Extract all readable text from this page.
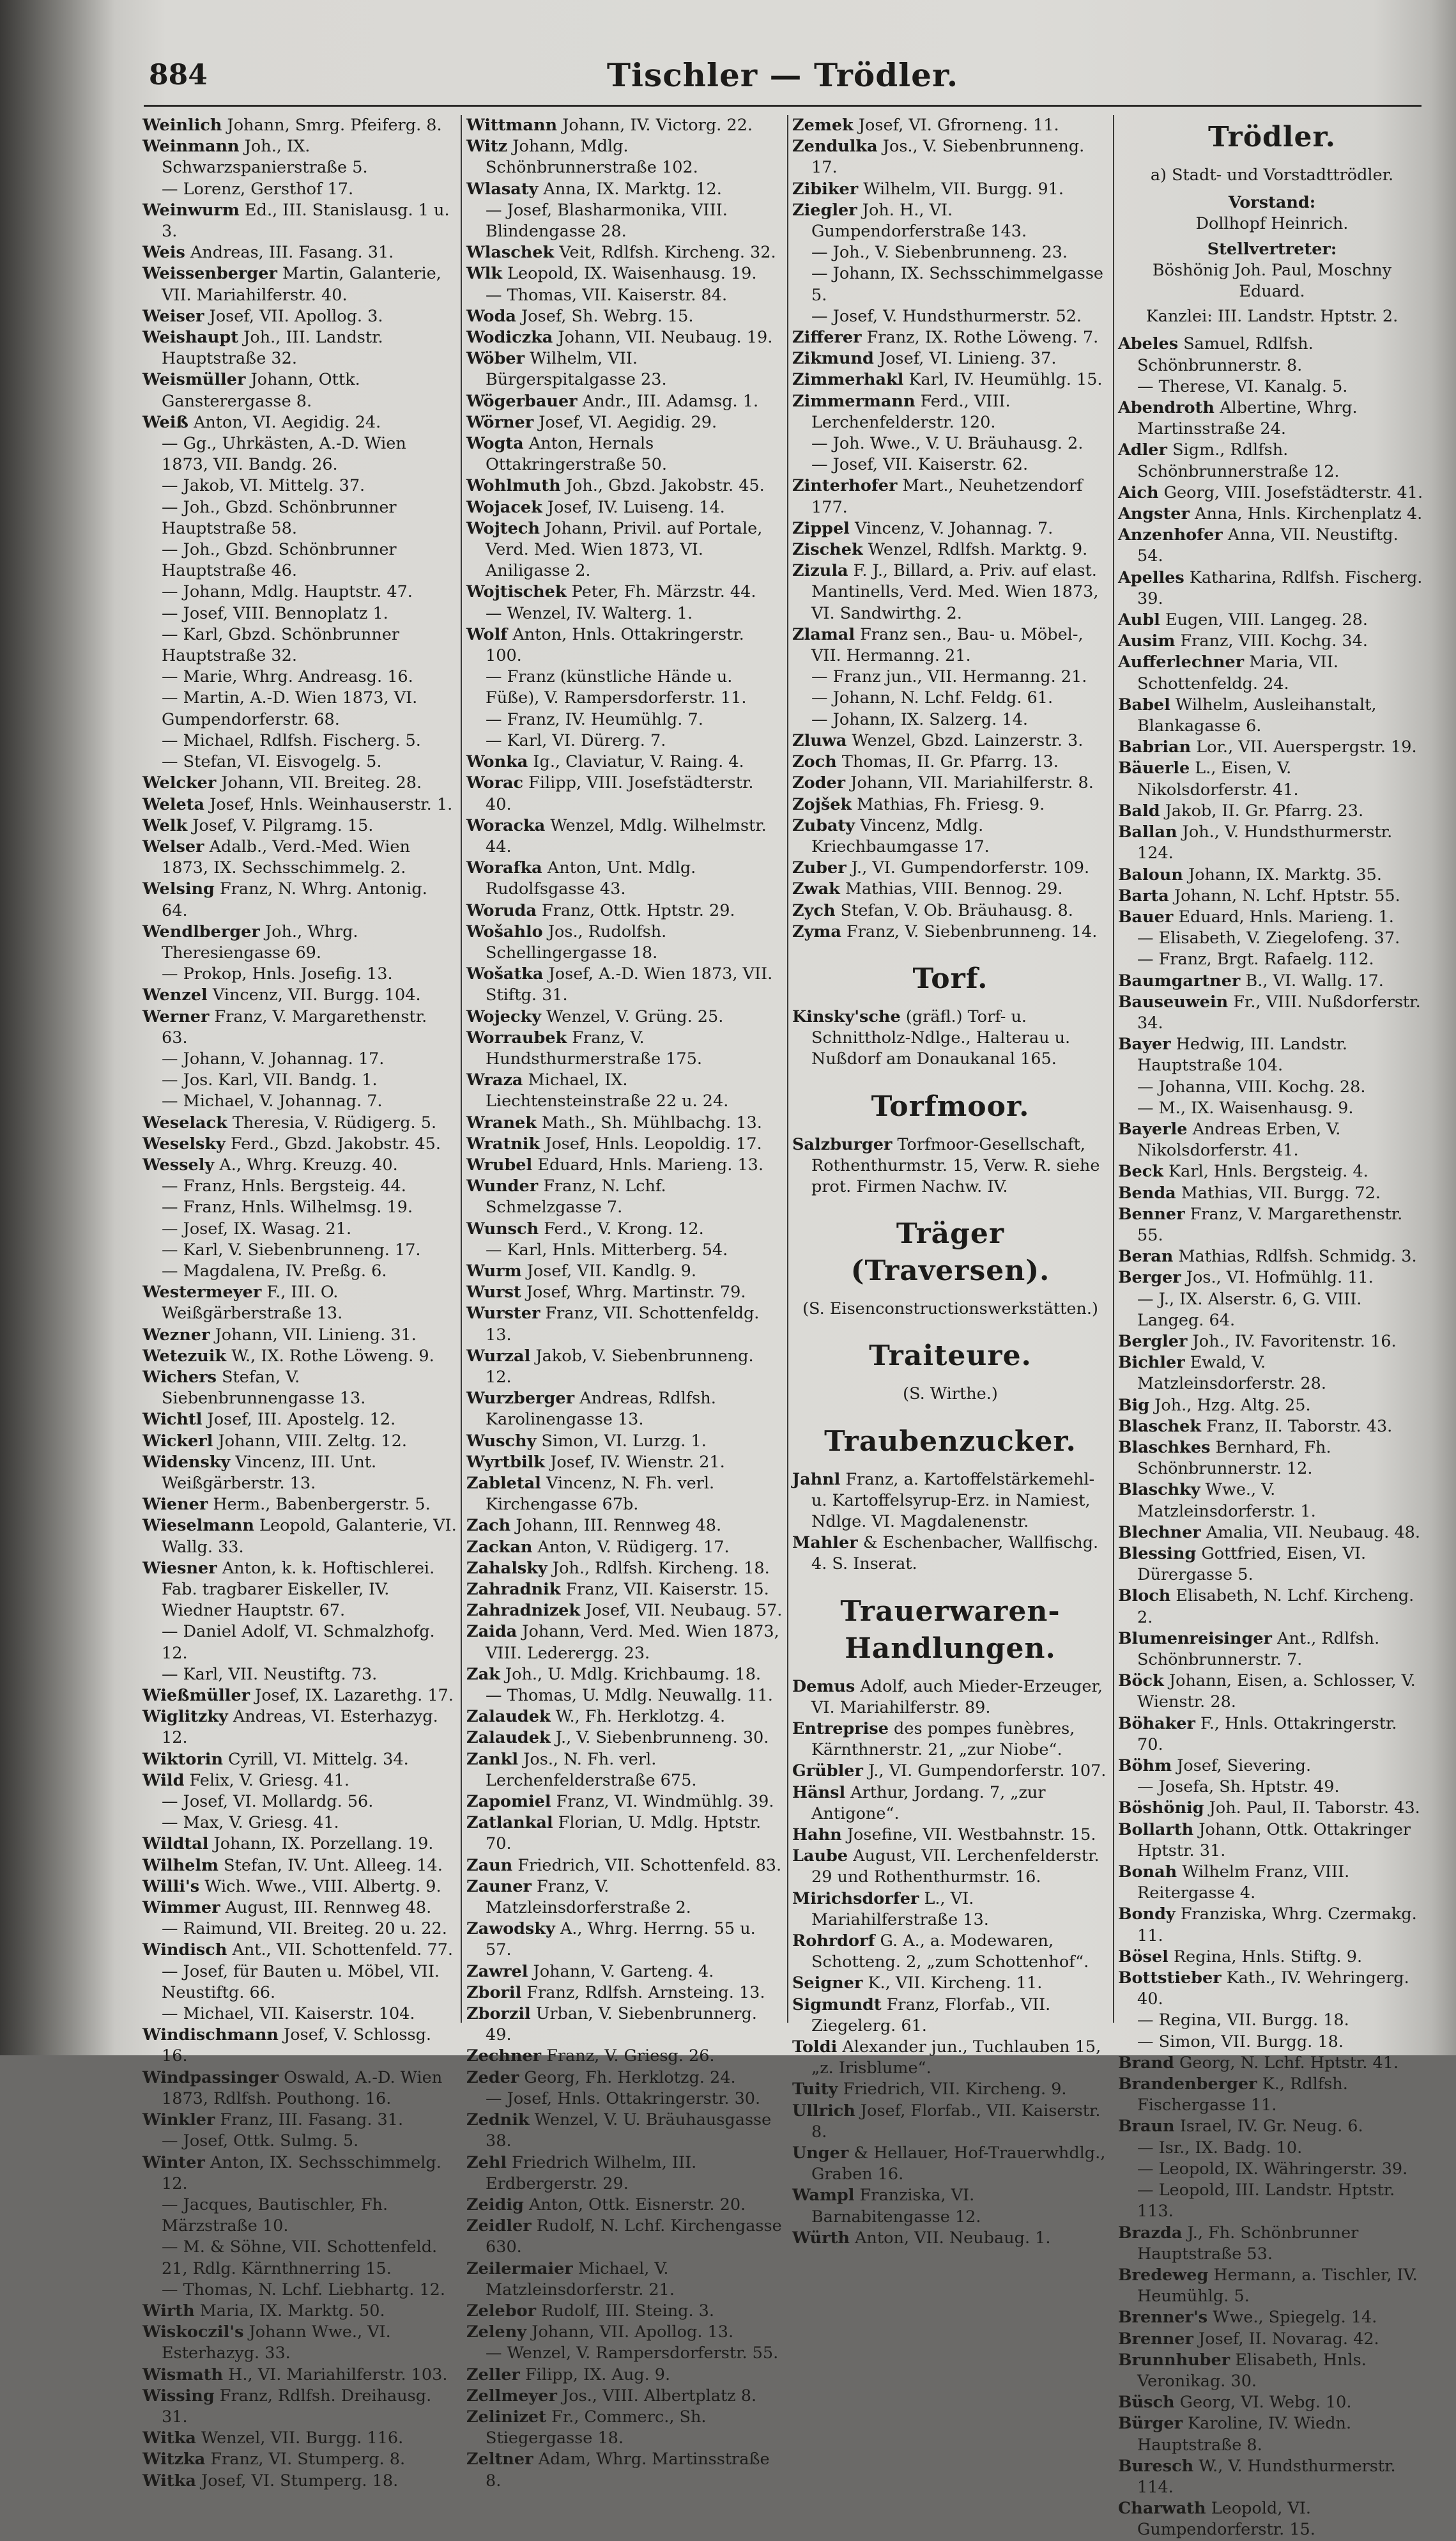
884	Tischler — Trödler.

Weinlich Johann, Smrg. Pfeiferg. 8.

Weinmann Joh., IX. Schwarzspanierstraße 5.

— Lorenz, Gersthof 17.

Weinwurm Ed., III. Stanislausg. 1 u. 3.

Weis Andreas, III. Fasang. 31.

Weissenberger Martin, Galanterie, VII. Mariahilferstr. 40.

Weiser Josef, VII. Apollog. 3.

Weishaupt Joh., III. Landstr. Hauptstraße 32.

Weismüller Johann, Ottk. Gansterergasse 8.

Weiß Anton, VI. Aegidig. 24.

— Gg., Uhrkästen, A.-D. Wien 1873, VII. Bandg. 26.

— Jakob, VI. Mittelg. 37.

— Joh., Gbzd. Schönbrunner Hauptstraße 58.

— Joh., Gbzd. Schönbrunner Hauptstraße 46.

— Johann, Mdlg. Hauptstr. 47.

— Josef, VIII. Bennoplatz 1.

— Karl, Gbzd. Schönbrunner Hauptstraße 32.

— Marie, Whrg. Andreasg. 16.

— Martin, A.-D. Wien 1873, VI. Gumpendorferstr. 68.

— Michael, Rdlfsh. Fischerg. 5.

— Stefan, VI. Eisvogelg. 5.

Welcker Johann, VII. Breiteg. 28.

Weleta Josef, Hnls. Weinhauserstr. 1.

Welk Josef, V. Pilgramg. 15.

Welser Adalb., Verd.-Med. Wien 1873, IX. Sechsschimmelg. 2.

Welsing Franz, N. Whrg. Antonig. 64.

Wendlberger Joh., Whrg. Theresiengasse 69.

— Prokop, Hnls. Josefig. 13.

Wenzel Vincenz, VII. Burgg. 104.

Werner Franz, V. Margarethenstr. 63.

— Johann, V. Johannag. 17.

— Jos. Karl, VII. Bandg. 1.

— Michael, V. Johannag. 7.

Weselack Theresia, V. Rüdigerg. 5.

Weselsky Ferd., Gbzd. Jakobstr. 45.

Wessely A., Whrg. Kreuzg. 40.

— Franz, Hnls. Bergsteig. 44.

— Franz, Hnls. Wilhelmsg. 19.

— Josef, IX. Wasag. 21.

— Karl, V. Siebenbrunneng. 17.

— Magdalena, IV. Preßg. 6.

Westermeyer F., III. O. Weißgärberstraße 13.

Wezner Johann, VII. Linieng. 31.

Wetezuik W., IX. Rothe Löweng. 9.

Wichers Stefan, V. Siebenbrunnengasse 13.

Wichtl Josef, III. Apostelg. 12.

Wickerl Johann, VIII. Zeltg. 12.

Widensky Vincenz, III. Unt. Weißgärberstr. 13.

Wiener Herm., Babenbergerstr. 5.

Wieselmann Leopold, Galanterie, VI. Wallg. 33.

Wiesner Anton, k. k. Hoftischlerei. Fab. tragbarer Eiskeller, IV. Wiedner Hauptstr. 67.

— Daniel Adolf, VI. Schmalzhofg. 12.

— Karl, VII. Neustiftg. 73.

Wießmüller Josef, IX. Lazarethg. 17.

Wiglitzky Andreas, VI. Esterhazyg. 12.

Wiktorin Cyrill, VI. Mittelg. 34.

Wild Felix, V. Griesg. 41.

— Josef, VI. Mollardg. 56.

— Max, V. Griesg. 41.

Wildtal Johann, IX. Porzellang. 19.

Wilhelm Stefan, IV. Unt. Alleeg. 14.

Willi's Wich. Wwe., VIII. Albertg. 9.

Wimmer August, III. Rennweg 48.

— Raimund, VII. Breiteg. 20 u. 22.

Windisch Ant., VII. Schottenfeld. 77.

— Josef, für Bauten u. Möbel, VII. Neustiftg. 66.

— Michael, VII. Kaiserstr. 104.

Windischmann Josef, V. Schlossg. 16.

Windpassinger Oswald, A.-D. Wien 1873, Rdlfsh. Pouthong. 16.

Winkler Franz, III. Fasang. 31.

— Josef, Ottk. Sulmg. 5.

Winter Anton, IX. Sechsschimmelg. 12.

— Jacques, Bautischler, Fh. Märzstraße 10.

— M. & Söhne, VII. Schottenfeld. 21, Rdlg. Kärnthnerring 15.

— Thomas, N. Lchf. Liebhartg. 12.

Wirth Maria, IX. Marktg. 50.

Wiskoczil's Johann Wwe., VI. Esterhazyg. 33.

Wismath H., VI. Mariahilferstr. 103.

Wissing Franz, Rdlfsh. Dreihausg. 31.

Witka Wenzel, VII. Burgg. 116.

Witzka Franz, VI. Stumperg. 8.

Witka Josef, VI. Stumperg. 18.

Wittmann Johann, IV. Victorg. 22.

Witz Johann, Mdlg. Schönbrunnerstraße 102.

Wlasaty Anna, IX. Marktg. 12.

— Josef, Blasharmonika, VIII. Blindengasse 28.

Wlaschek Veit, Rdlfsh. Kircheng. 32.

Wlk Leopold, IX. Waisenhausg. 19.

— Thomas, VII. Kaiserstr. 84.

Woda Josef, Sh. Webrg. 15.

Wodiczka Johann, VII. Neubaug. 19.

Wöber Wilhelm, VII. Bürgerspitalgasse 23.

Wögerbauer Andr., III. Adamsg. 1.

Wörner Josef, VI. Aegidig. 29.

Wogta Anton, Hernals Ottakringerstraße 50.

Wohlmuth Joh., Gbzd. Jakobstr. 45.

Wojacek Josef, IV. Luiseng. 14.

Wojtech Johann, Privil. auf Portale, Verd. Med. Wien 1873, VI. Aniligasse 2.

Wojtischek Peter, Fh. Märzstr. 44.

— Wenzel, IV. Walterg. 1.

Wolf Anton, Hnls. Ottakringerstr. 100.

— Franz (künstliche Hände u. Füße), V. Rampersdorferstr. 11.

— Franz, IV. Heumühlg. 7.

— Karl, VI. Dürerg. 7.

Wonka Ig., Claviatur, V. Raing. 4.

Worac Filipp, VIII. Josefstädterstr. 40.

Woracka Wenzel, Mdlg. Wilhelmstr. 44.

Worafka Anton, Unt. Mdlg. Rudolfsgasse 43.

Woruda Franz, Ottk. Hptstr. 29.

Wošahlo Jos., Rudolfsh. Schellingergasse 18.

Wošatka Josef, A.-D. Wien 1873, VII. Stiftg. 31.

Wojecky Wenzel, V. Grüng. 25.

Worraubek Franz, V. Hundsthurmerstraße 175.

Wraza Michael, IX. Liechtensteinstraße 22 u. 24.

Wranek Math., Sh. Mühlbachg. 13.

Wratnik Josef, Hnls. Leopoldig. 17.

Wrubel Eduard, Hnls. Marieng. 13.

Wunder Franz, N. Lchf. Schmelzgasse 7.

Wunsch Ferd., V. Krong. 12.

— Karl, Hnls. Mitterberg. 54.

Wurm Josef, VII. Kandlg. 9.

Wurst Josef, Whrg. Martinstr. 79.

Wurster Franz, VII. Schottenfeldg. 13.

Wurzal Jakob, V. Siebenbrunneng. 12.

Wurzberger Andreas, Rdlfsh. Karolinengasse 13.

Wuschy Simon, VI. Lurzg. 1.

Wyrtbilk Josef, IV. Wienstr. 21.

Zabletal Vincenz, N. Fh. verl. Kirchengasse 67b.

Zach Johann, III. Rennweg 48.

Zackan Anton, V. Rüdigerg. 17.

Zahalsky Joh., Rdlfsh. Kircheng. 18.

Zahradnik Franz, VII. Kaiserstr. 15.

Zahradnizek Josef, VII. Neubaug. 57.

Zaida Johann, Verd. Med. Wien 1873, VIII. Lederergg. 23.

Zak Joh., U. Mdlg. Krichbaumg. 18.

— Thomas, U. Mdlg. Neuwallg. 11.

Zalaudek W., Fh. Herklotzg. 4.

Zalaudek J., V. Siebenbrunneng. 30.

Zankl Jos., N. Fh. verl. Lerchenfelderstraße 675.

Zapomiel Franz, VI. Windmühlg. 39.

Zatlankal Florian, U. Mdlg. Hptstr. 70.

Zaun Friedrich, VII. Schottenfeld. 83.

Zauner Franz, V. Matzleinsdorferstraße 2.

Zawodsky A., Whrg. Herrng. 55 u. 57.

Zawrel Johann, V. Garteng. 4.

Zboril Franz, Rdlfsh. Arnsteing. 13.

Zborzil Urban, V. Siebenbrunnerg. 49.

Zechner Franz, V. Griesg. 26.

Zeder Georg, Fh. Herklotzg. 24.

— Josef, Hnls. Ottakringerstr. 30.

Zednik Wenzel, V. U. Bräuhausgasse 38.

Zehl Friedrich Wilhelm, III. Erdbergerstr. 29.

Zeidig Anton, Ottk. Eisnerstr. 20.

Zeidler Rudolf, N. Lchf. Kirchengasse 630.

Zeilermaier Michael, V. Matzleinsdorferstr. 21.

Zelebor Rudolf, III. Steing. 3.

Zeleny Johann, VII. Apollog. 13.

— Wenzel, V. Rampersdorferstr. 55.

Zeller Filipp, IX. Aug. 9.

Zellmeyer Jos., VIII. Albertplatz 8.

Zelinizet Fr., Commerc., Sh. Stiegergasse 18.

Zeltner Adam, Whrg. Martinsstraße 8.

Zemek Josef, VI. Gfrorneng. 11.

Zendulka Jos., V. Siebenbrunneng. 17.

Zibiker Wilhelm, VII. Burgg. 91.

Ziegler Joh. H., VI. Gumpendorferstraße 143.

— Joh., V. Siebenbrunneng. 23.

— Johann, IX. Sechsschimmelgasse 5.

— Josef, V. Hundsthurmerstr. 52.

Zifferer Franz, IX. Rothe Löweng. 7.

Zikmund Josef, VI. Linieng. 37.

Zimmerhakl Karl, IV. Heumühlg. 15.

Zimmermann Ferd., VIII. Lerchenfelderstr. 120.

— Joh. Wwe., V. U. Bräuhausg. 2.

— Josef, VII. Kaiserstr. 62.

Zinterhofer Mart., Neuhetzendorf 177.

Zippel Vincenz, V. Johannag. 7.

Zischek Wenzel, Rdlfsh. Marktg. 9.

Zizula F. J., Billard, a. Priv. auf elast. Mantinells, Verd. Med. Wien 1873, VI. Sandwirthg. 2.

Zlamal Franz sen., Bau- u. Möbel-, VII. Hermanng. 21.

— Franz jun., VII. Hermanng. 21.

— Johann, N. Lchf. Feldg. 61.

— Johann, IX. Salzerg. 14.

Zluwa Wenzel, Gbzd. Lainzerstr. 3.

Zoch Thomas, II. Gr. Pfarrg. 13.

Zoder Johann, VII. Mariahilferstr. 8.

Zojšek Mathias, Fh. Friesg. 9.

Zubaty Vincenz, Mdlg. Kriechbaumgasse 17.

Zuber J., VI. Gumpendorferstr. 109.

Zwak Mathias, VIII. Bennog. 29.

Zych Stefan, V. Ob. Bräuhausg. 8.

Zyma Franz, V. Siebenbrunneng. 14.

Torf.

Kinsky'sche (gräfl.) Torf- u. Schnittholz-Ndlge., Halterau u. Nußdorf am Donaukanal 165.

Torfmoor.

Salzburger Torfmoor-Gesellschaft, Rothenthurmstr. 15, Verw. R. siehe prot. Firmen Nachw. IV.

Träger (Traversen).
(S. Eisenconstructionswerkstätten.)
Traiteure.
(S. Wirthe.)
Traubenzucker.

Jahnl Franz, a. Kartoffelstärkemehl- u. Kartoffelsyrup-Erz. in Namiest, Ndlge. VI. Magdalenenstr.

Mahler & Eschenbacher, Wallfischg. 4. S. Inserat.

Trauerwaren-Handlungen.

Demus Adolf, auch Mieder-Erzeuger, VI. Mariahilferstr. 89.

Entreprise des pompes funèbres, Kärnthnerstr. 21, „zur Niobe“.

Grübler J., VI. Gumpendorferstr. 107.

Hänsl Arthur, Jordang. 7, „zur Antigone“.

Hahn Josefine, VII. Westbahnstr. 15.

Laube August, VII. Lerchenfelderstr. 29 und Rothenthurmstr. 16.

Mirichsdorfer L., VI. Mariahilferstraße 13.

Rohrdorf G. A., a. Modewaren, Schotteng. 2, „zum Schottenhof“.

Seigner K., VII. Kircheng. 11.

Sigmundt Franz, Florfab., VII. Ziegelerg. 61.

Toldi Alexander jun., Tuchlauben 15, „z. Irisblume“.

Tuity Friedrich, VII. Kircheng. 9.

Ullrich Josef, Florfab., VII. Kaiserstr. 8.

Unger & Hellauer, Hof-Trauerwhdlg., Graben 16.

Wampl Franziska, VI. Barnabitengasse 12.

Würth Anton, VII. Neubaug. 1.

Trödler.
a) Stadt- und Vorstadttrödler.
Vorstand:
Dollhopf Heinrich.
Stellvertreter:
Böshönig Joh. Paul, Moschny Eduard.
Kanzlei: III. Landstr. Hptstr. 2.

Abeles Samuel, Rdlfsh. Schönbrunnerstr. 8.

— Therese, VI. Kanalg. 5.

Abendroth Albertine, Whrg. Martinsstraße 24.

Adler Sigm., Rdlfsh. Schönbrunnerstraße 12.

Aich Georg, VIII. Josefstädterstr. 41.

Angster Anna, Hnls. Kirchenplatz 4.

Anzenhofer Anna, VII. Neustiftg. 54.

Apelles Katharina, Rdlfsh. Fischerg. 39.

Aubl Eugen, VIII. Langeg. 28.

Ausim Franz, VIII. Kochg. 34.

Aufferlechner Maria, VII. Schottenfeldg. 24.

Babel Wilhelm, Ausleihanstalt, Blankagasse 6.

Babrian Lor., VII. Auerspergstr. 19.

Bäuerle L., Eisen, V. Nikolsdorferstr. 41.

Bald Jakob, II. Gr. Pfarrg. 23.

Ballan Joh., V. Hundsthurmerstr. 124.

Baloun Johann, IX. Marktg. 35.

Barta Johann, N. Lchf. Hptstr. 55.

Bauer Eduard, Hnls. Marieng. 1.

— Elisabeth, V. Ziegelofeng. 37.

— Franz, Brgt. Rafaelg. 112.

Baumgartner B., VI. Wallg. 17.

Bauseuwein Fr., VIII. Nußdorferstr. 34.

Bayer Hedwig, III. Landstr. Hauptstraße 104.

— Johanna, VIII. Kochg. 28.

— M., IX. Waisenhausg. 9.

Bayerle Andreas Erben, V. Nikolsdorferstr. 41.

Beck Karl, Hnls. Bergsteig. 4.

Benda Mathias, VII. Burgg. 72.

Benner Franz, V. Margarethenstr. 55.

Beran Mathias, Rdlfsh. Schmidg. 3.

Berger Jos., VI. Hofmühlg. 11.

— J., IX. Alserstr. 6, G. VIII. Langeg. 64.

Bergler Joh., IV. Favoritenstr. 16.

Bichler Ewald, V. Matzleinsdorferstr. 28.

Big Joh., Hzg. Altg. 25.

Blaschek Franz, II. Taborstr. 43.

Blaschkes Bernhard, Fh. Schönbrunnerstr. 12.

Blaschky Wwe., V. Matzleinsdorferstr. 1.

Blechner Amalia, VII. Neubaug. 48.

Blessing Gottfried, Eisen, VI. Dürergasse 5.

Bloch Elisabeth, N. Lchf. Kircheng. 2.

Blumenreisinger Ant., Rdlfsh. Schönbrunnerstr. 7.

Böck Johann, Eisen, a. Schlosser, V. Wienstr. 28.

Böhaker F., Hnls. Ottakringerstr. 70.

Böhm Josef, Sievering.

— Josefa, Sh. Hptstr. 49.

Böshönig Joh. Paul, II. Taborstr. 43.

Bollarth Johann, Ottk. Ottakringer Hptstr. 31.

Bonah Wilhelm Franz, VIII. Reitergasse 4.

Bondy Franziska, Whrg. Czermakg. 11.

Bösel Regina, Hnls. Stiftg. 9.

Bottstieber Kath., IV. Wehringerg. 40.

— Regina, VII. Burgg. 18.

— Simon, VII. Burgg. 18.

Brand Georg, N. Lchf. Hptstr. 41.

Brandenberger K., Rdlfsh. Fischergasse 11.

Braun Israel, IV. Gr. Neug. 6.

— Isr., IX. Badg. 10.

— Leopold, IX. Währingerstr. 39.

— Leopold, III. Landstr. Hptstr. 113.

Brazda J., Fh. Schönbrunner Hauptstraße 53.

Bredeweg Hermann, a. Tischler, IV. Heumühlg. 5.

Brenner's Wwe., Spiegelg. 14.

Brenner Josef, II. Novarag. 42.

Brunnhuber Elisabeth, Hnls. Veronikag. 30.

Büsch Georg, VI. Webg. 10.

Bürger Karoline, IV. Wiedn. Hauptstraße 8.

Buresch W., V. Hundsthurmerstr. 114.

Charwath Leopold, VI. Gumpendorferstr. 15.
